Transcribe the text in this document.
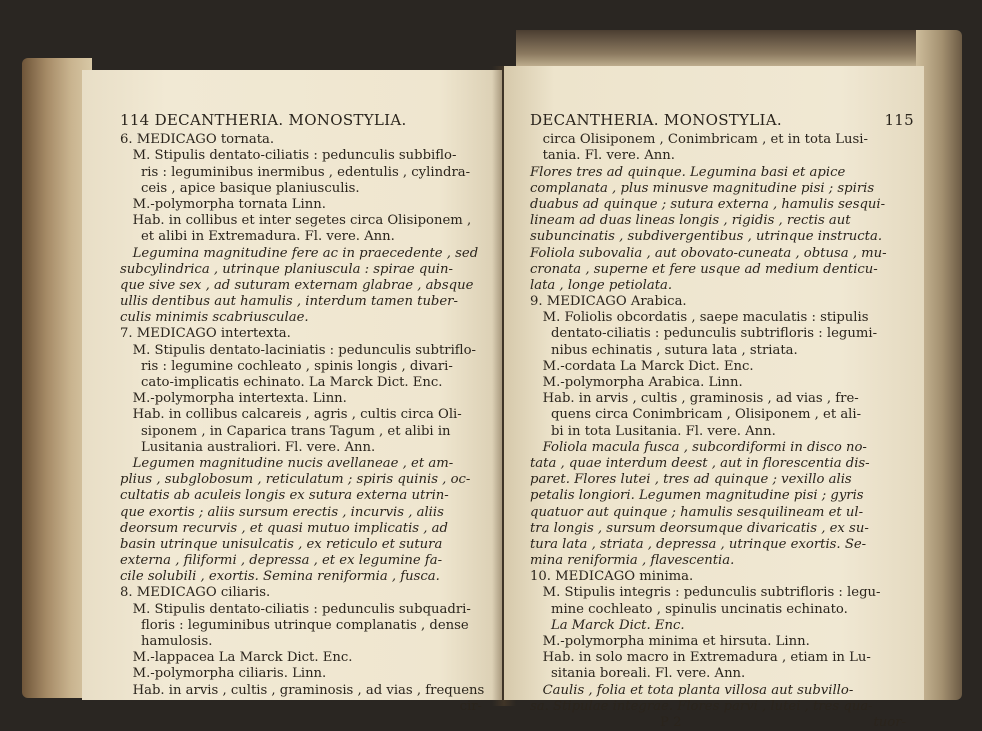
114 DECANTHERIA. MONOSTYLIA.
6. MEDICAGO tornata.
M. Stipulis dentato-ciliatis : pedunculis subbiflo-
ris : leguminibus inermibus , edentulis , cylindra-
ceis , apice basique planiusculis.
M.-polymorpha tornata Linn.
Hab. in collibus et inter segetes circa Olisiponem ,
et alibi in Extremadura. Fl. vere. Ann.
Legumina magnitudine fere ac in praecedente , sed
subcylindrica , utrinque planiuscula : spirae quin-
que sive sex , ad suturam externam glabrae , absque
ullis dentibus aut hamulis , interdum tamen tuber-
culis minimis scabriusculae.
7. MEDICAGO intertexta.
M. Stipulis dentato-laciniatis : pedunculis subtriflo-
ris : legumine cochleato , spinis longis , divari-
cato-implicatis echinato. La Marck Dict. Enc.
M.-polymorpha intertexta. Linn.
Hab. in collibus calcareis , agris , cultis circa Oli-
siponem , in Caparica trans Tagum , et alibi in
Lusitania australiori. Fl. vere. Ann.
Legumen magnitudine nucis avellaneae , et am-
plius , subglobosum , reticulatum ; spiris quinis , oc-
cultatis ab aculeis longis ex sutura externa utrin-
que exortis ; aliis sursum erectis , incurvis , aliis
deorsum recurvis , et quasi mutuo implicatis , ad
basin utrinque unisulcatis , ex reticulo et sutura
externa , filiformi , depressa , et ex legumine fa-
cile solubili , exortis. Semina reniformia , fusca.
8. MEDICAGO ciliaris.
M. Stipulis dentato-ciliatis : pedunculis subquadri-
floris : leguminibus utrinque complanatis , dense
hamulosis.
M.-lappacea La Marck Dict. Enc.
M.-polymorpha ciliaris. Linn.
Hab. in arvis , cultis , graminosis , ad vias , frequens
cir-
DECANTHERIA. MONOSTYLIA.	115
circa Olisiponem , Conimbricam , et in tota Lusi-
tania. Fl. vere. Ann.
Flores tres ad quinque. Legumina basi et apice
complanata , plus minusve magnitudine pisi ; spiris
duabus ad quinque ; sutura externa , hamulis sesqui-
lineam ad duas lineas longis , rigidis , rectis aut
subuncinatis , subdivergentibus , utrinque instructa.
Foliola subovalia , aut obovato-cuneata , obtusa , mu-
cronata , superne et fere usque ad medium denticu-
lata , longe petiolata.
9. MEDICAGO Arabica.
M. Foliolis obcordatis , saepe maculatis : stipulis
dentato-ciliatis : pedunculis subtrifloris : legumi-
nibus echinatis , sutura lata , striata.
M.-cordata La Marck Dict. Enc.
M.-polymorpha Arabica. Linn.
Hab. in arvis , cultis , graminosis , ad vias , fre-
quens circa Conimbricam , Olisiponem , et ali-
bi in tota Lusitania. Fl. vere. Ann.
Foliola macula fusca , subcordiformi in disco no-
tata , quae interdum deest , aut in florescentia dis-
paret. Flores lutei , tres ad quinque ; vexillo alis
petalis longiori. Legumen magnitudine pisi ; gyris
quatuor aut quinque ; hamulis sesquilineam et ul-
tra longis , sursum deorsumque divaricatis , ex su-
tura lata , striata , depressa , utrinque exortis. Se-
mina reniformia , flavescentia.
10. MEDICAGO minima.
M. Stipulis integris : pedunculis subtrifloris : legu-
mine cochleato , spinulis uncinatis echinato.
La Marck Dict. Enc.
M.-polymorpha minima et hirsuta. Linn.
Hab. in solo macro in Extremadura , etiam in Lu-
sitania boreali. Fl. vere. Ann.
Caulis , folia et tota planta villosa aut subvillo-
sa. Stipulae integrae. Flores parvi , lutei , tres qua-
P 2	tuor-
